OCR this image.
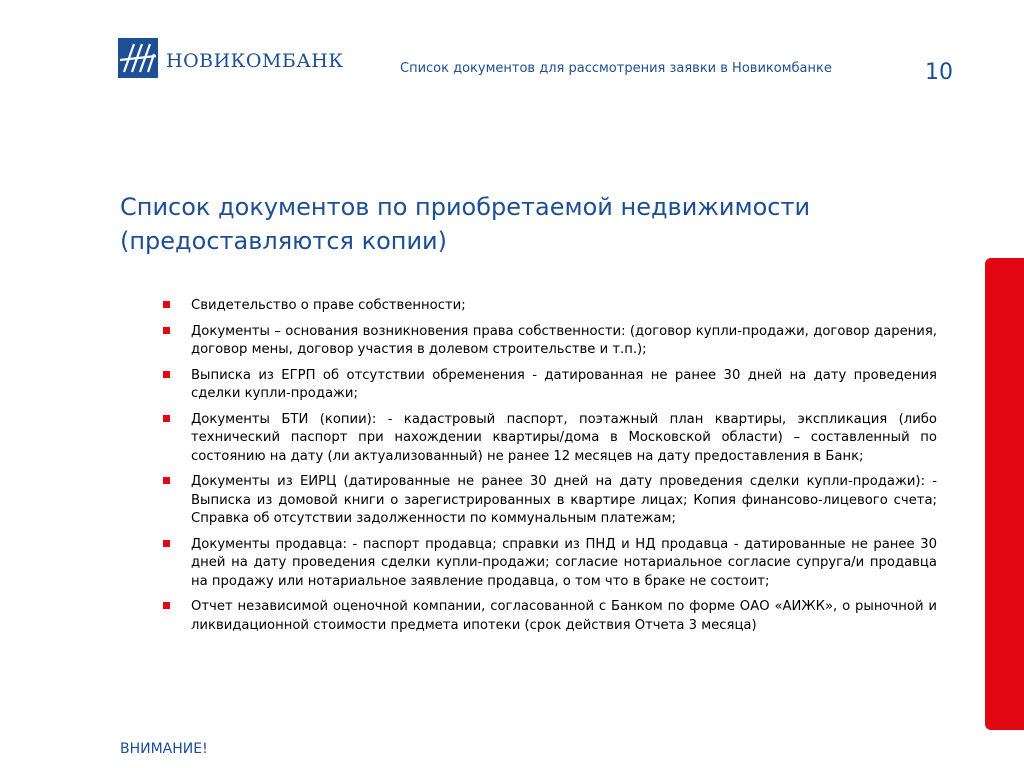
НОВИКОМБАНК	Список документов для рассмотрения заявки в Новикомбанке	10
Список документов по приобретаемой недвижимости
(предоставляются копии)
Свидетельство о праве собственности;
Документы – основания возникновения права собственности: (договор купли-продажи, договор дарения, договор мены, договор участия в долевом строительстве и т.п.);
Выписка из ЕГРП об отсутствии обременения - датированная не ранее 30 дней на дату проведения сделки купли-продажи;
Документы БТИ (копии): - кадастровый паспорт, поэтажный план квартиры, экспликация (либо технический паспорт при нахождении квартиры/дома в Московской области) – составленный по состоянию на дату (ли актуализованный) не ранее 12 месяцев на дату предоставления в Банк;
Документы из ЕИРЦ (датированные не ранее 30 дней на дату проведения сделки купли-продажи): - Выписка из домовой книги о зарегистрированных в квартире лицах; Копия финансово-лицевого счета; Справка об отсутствии задолженности по коммунальным платежам;
Документы продавца: - паспорт продавца; справки из ПНД и НД продавца - датированные не ранее 30 дней на дату проведения сделки купли-продажи; согласие нотариальное согласие супруга/и продавца на продажу или нотариальное заявление продавца, о том что в браке не состоит;
Отчет независимой оценочной компании, согласованной с Банком по форме ОАО «АИЖК», о рыночной и ликвидационной стоимости предмета ипотеки (срок действия Отчета 3 месяца)
ВНИМАНИЕ!
